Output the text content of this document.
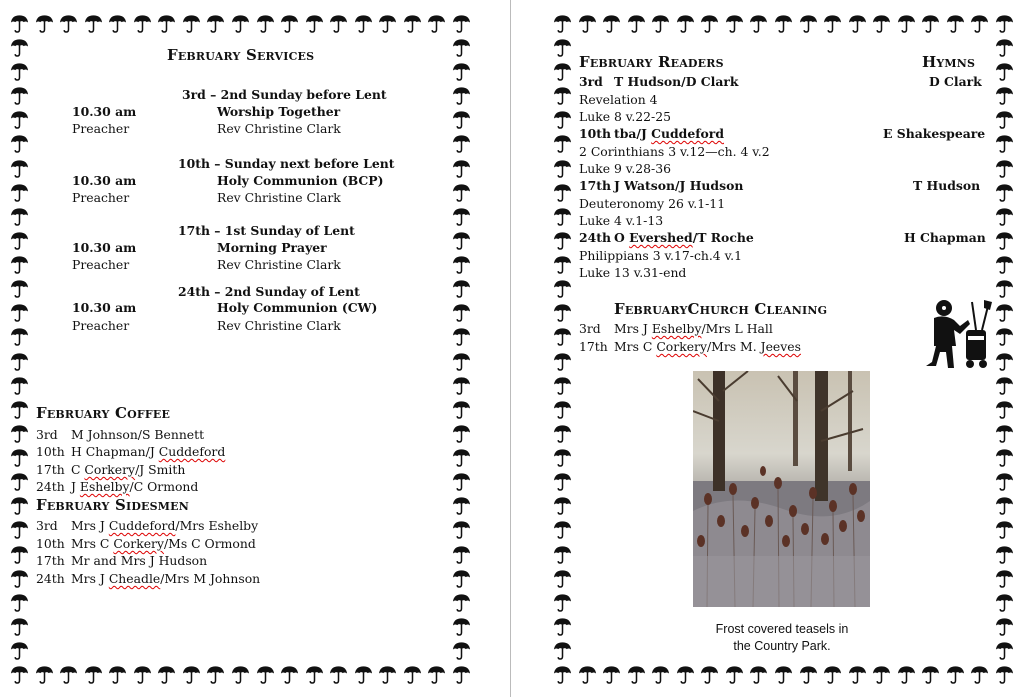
February Services
3rd – 2nd Sunday before Lent
10.30 am	Worship Together
Preacher	Rev Christine Clark
10th – Sunday next before Lent
10.30 am	Holy Communion (BCP)
Preacher	Rev Christine Clark
17th – 1st Sunday of Lent
10.30 am	Morning Prayer
Preacher	Rev Christine Clark
24th – 2nd Sunday of Lent
10.30 am	Holy Communion (CW)
Preacher	Rev Christine Clark
February Coffee
3rd M Johnson/S Bennett
10th H Chapman/J Cuddeford
17th C Corkery/J Smith
24th J Eshelby/C Ormond
February Sidesmen
3rd Mrs J Cuddeford/Mrs Eshelby
10th Mrs C Corkery/Ms C Ormond
17th Mr and Mrs J Hudson
24th Mrs J Cheadle/Mrs M Johnson
February Readers	Hymns
3rd T Hudson/D Clark	D Clark
Revelation 4
Luke 8 v.22-25
10th tba/J Cuddeford	E Shakespeare
2 Corinthians 3 v.12—ch. 4 v.2
Luke 9 v.28-36
17th J Watson/J Hudson	T Hudson
Deuteronomy 26 v.1-11
Luke 4 v.1-13
24th O Evershed/T Roche	H Chapman
Philippians 3 v.17-ch.4 v.1
Luke 13 v.31-end
FebruaryChurch Cleaning
3rd Mrs J Eshelby/Mrs L Hall
17th Mrs C Corkery/Mrs M. Jeeves
Frost covered teasels in
the Country Park.
